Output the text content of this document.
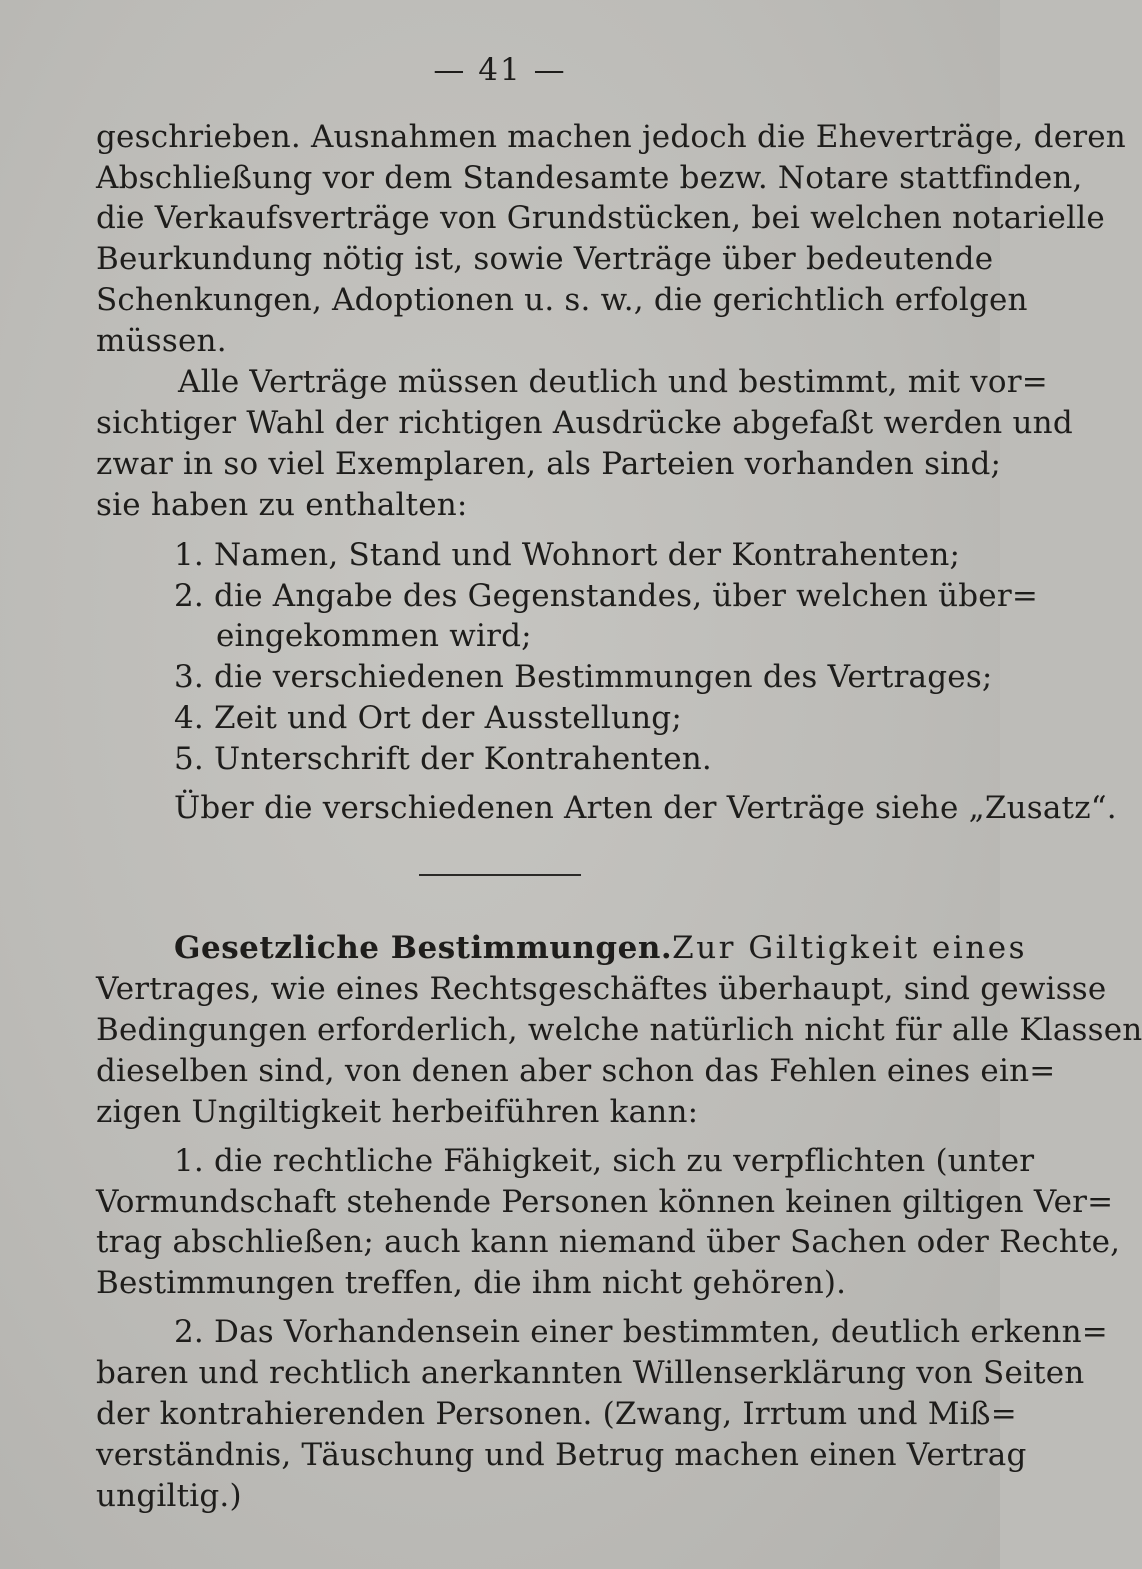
— 41 —
geschrieben. Ausnahmen machen jedoch die Eheverträge, deren
Abschließung vor dem Standesamte bezw. Notare stattfinden,
die Verkaufsverträge von Grundstücken, bei welchen notarielle
Beurkundung nötig ist, sowie Verträge über bedeutende
Schenkungen, Adoptionen u. s. w., die gerichtlich erfolgen
müssen.
Alle Verträge müssen deutlich und bestimmt, mit vor=
sichtiger Wahl der richtigen Ausdrücke abgefaßt werden und
zwar in so viel Exemplaren, als Parteien vorhanden sind;
sie haben zu enthalten:
1. Namen, Stand und Wohnort der Kontrahenten;
2. die Angabe des Gegenstandes, über welchen über=
eingekommen wird;
3. die verschiedenen Bestimmungen des Vertrages;
4. Zeit und Ort der Ausstellung;
5. Unterschrift der Kontrahenten.
Über die verschiedenen Arten der Verträge siehe „Zusatz“.
Gesetzliche Bestimmungen. Zur Giltigkeit eines
Vertrages, wie eines Rechtsgeschäftes überhaupt, sind gewisse
Bedingungen erforderlich, welche natürlich nicht für alle Klassen
dieselben sind, von denen aber schon das Fehlen eines ein=
zigen Ungiltigkeit herbeiführen kann:
1. die rechtliche Fähigkeit, sich zu verpflichten (unter
Vormundschaft stehende Personen können keinen giltigen Ver=
trag abschließen; auch kann niemand über Sachen oder Rechte,
Bestimmungen treffen, die ihm nicht gehören).
2. Das Vorhandensein einer bestimmten, deutlich erkenn=
baren und rechtlich anerkannten Willenserklärung von Seiten
der kontrahierenden Personen. (Zwang, Irrtum und Miß=
verständnis, Täuschung und Betrug machen einen Vertrag
ungiltig.)
